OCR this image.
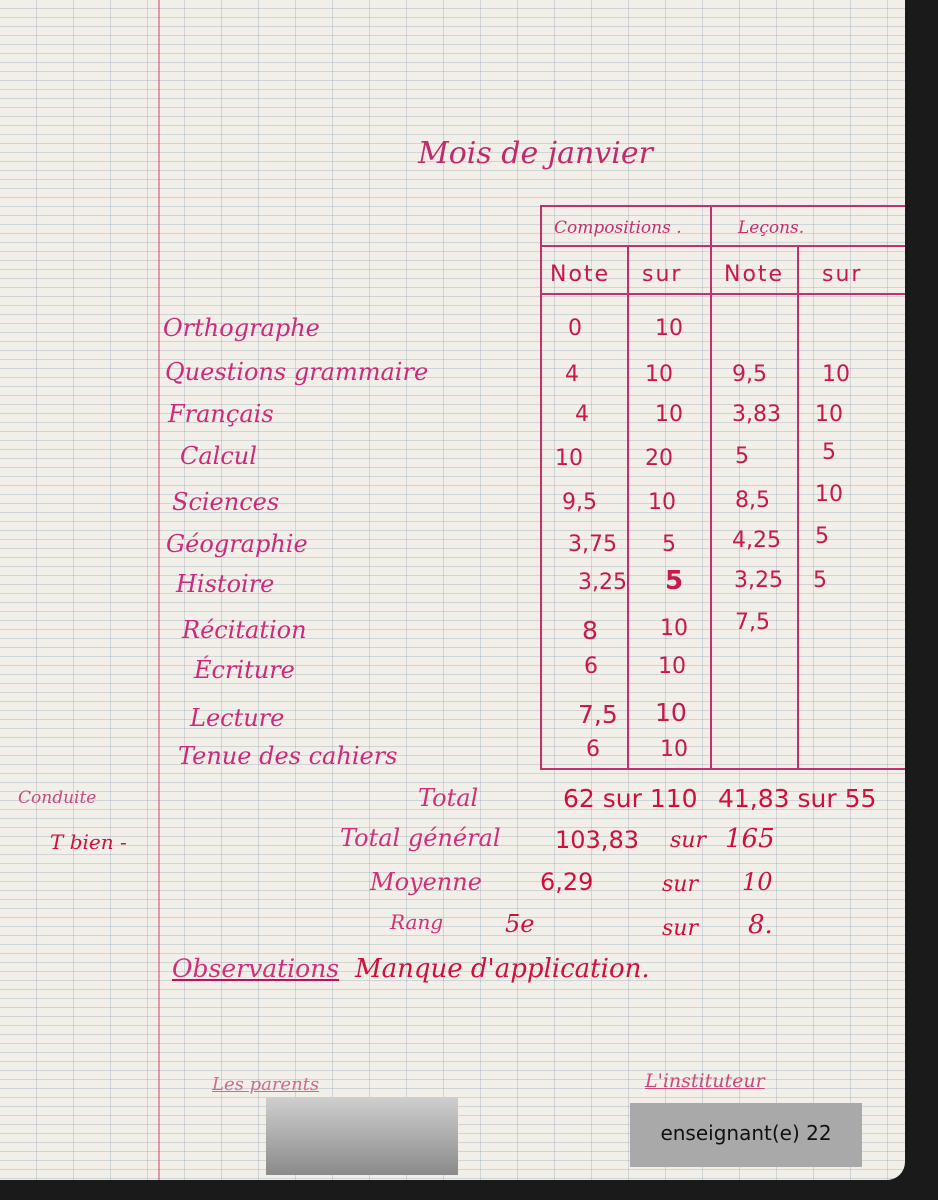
Mois de janvier
Compositions .	Leçons.
Note sur Note sur
Orthographe	0	10
Questions grammaire	4	10	9,5	10
Français	4	10 3,83 10
Calcul	10	20	5	5
Sciences	9,5 10	8,5 10
Géographie	3,75 5	4,25 5
Histoire	3,25 5 3,25 5
Récitation	8	10 7,5
Écriture	6	10
Lecture	7,5 10
Tenue des cahiers	6	10
Conduite
T bien -
Total	62 sur 110 41,83 sur 55
Total général 103,83 sur 165
Moyenne 6,29	sur 10
Rang	5e	sur 8.
Observations Manque d'application.
Les parents	L'instituteur
enseignant(e) 22
